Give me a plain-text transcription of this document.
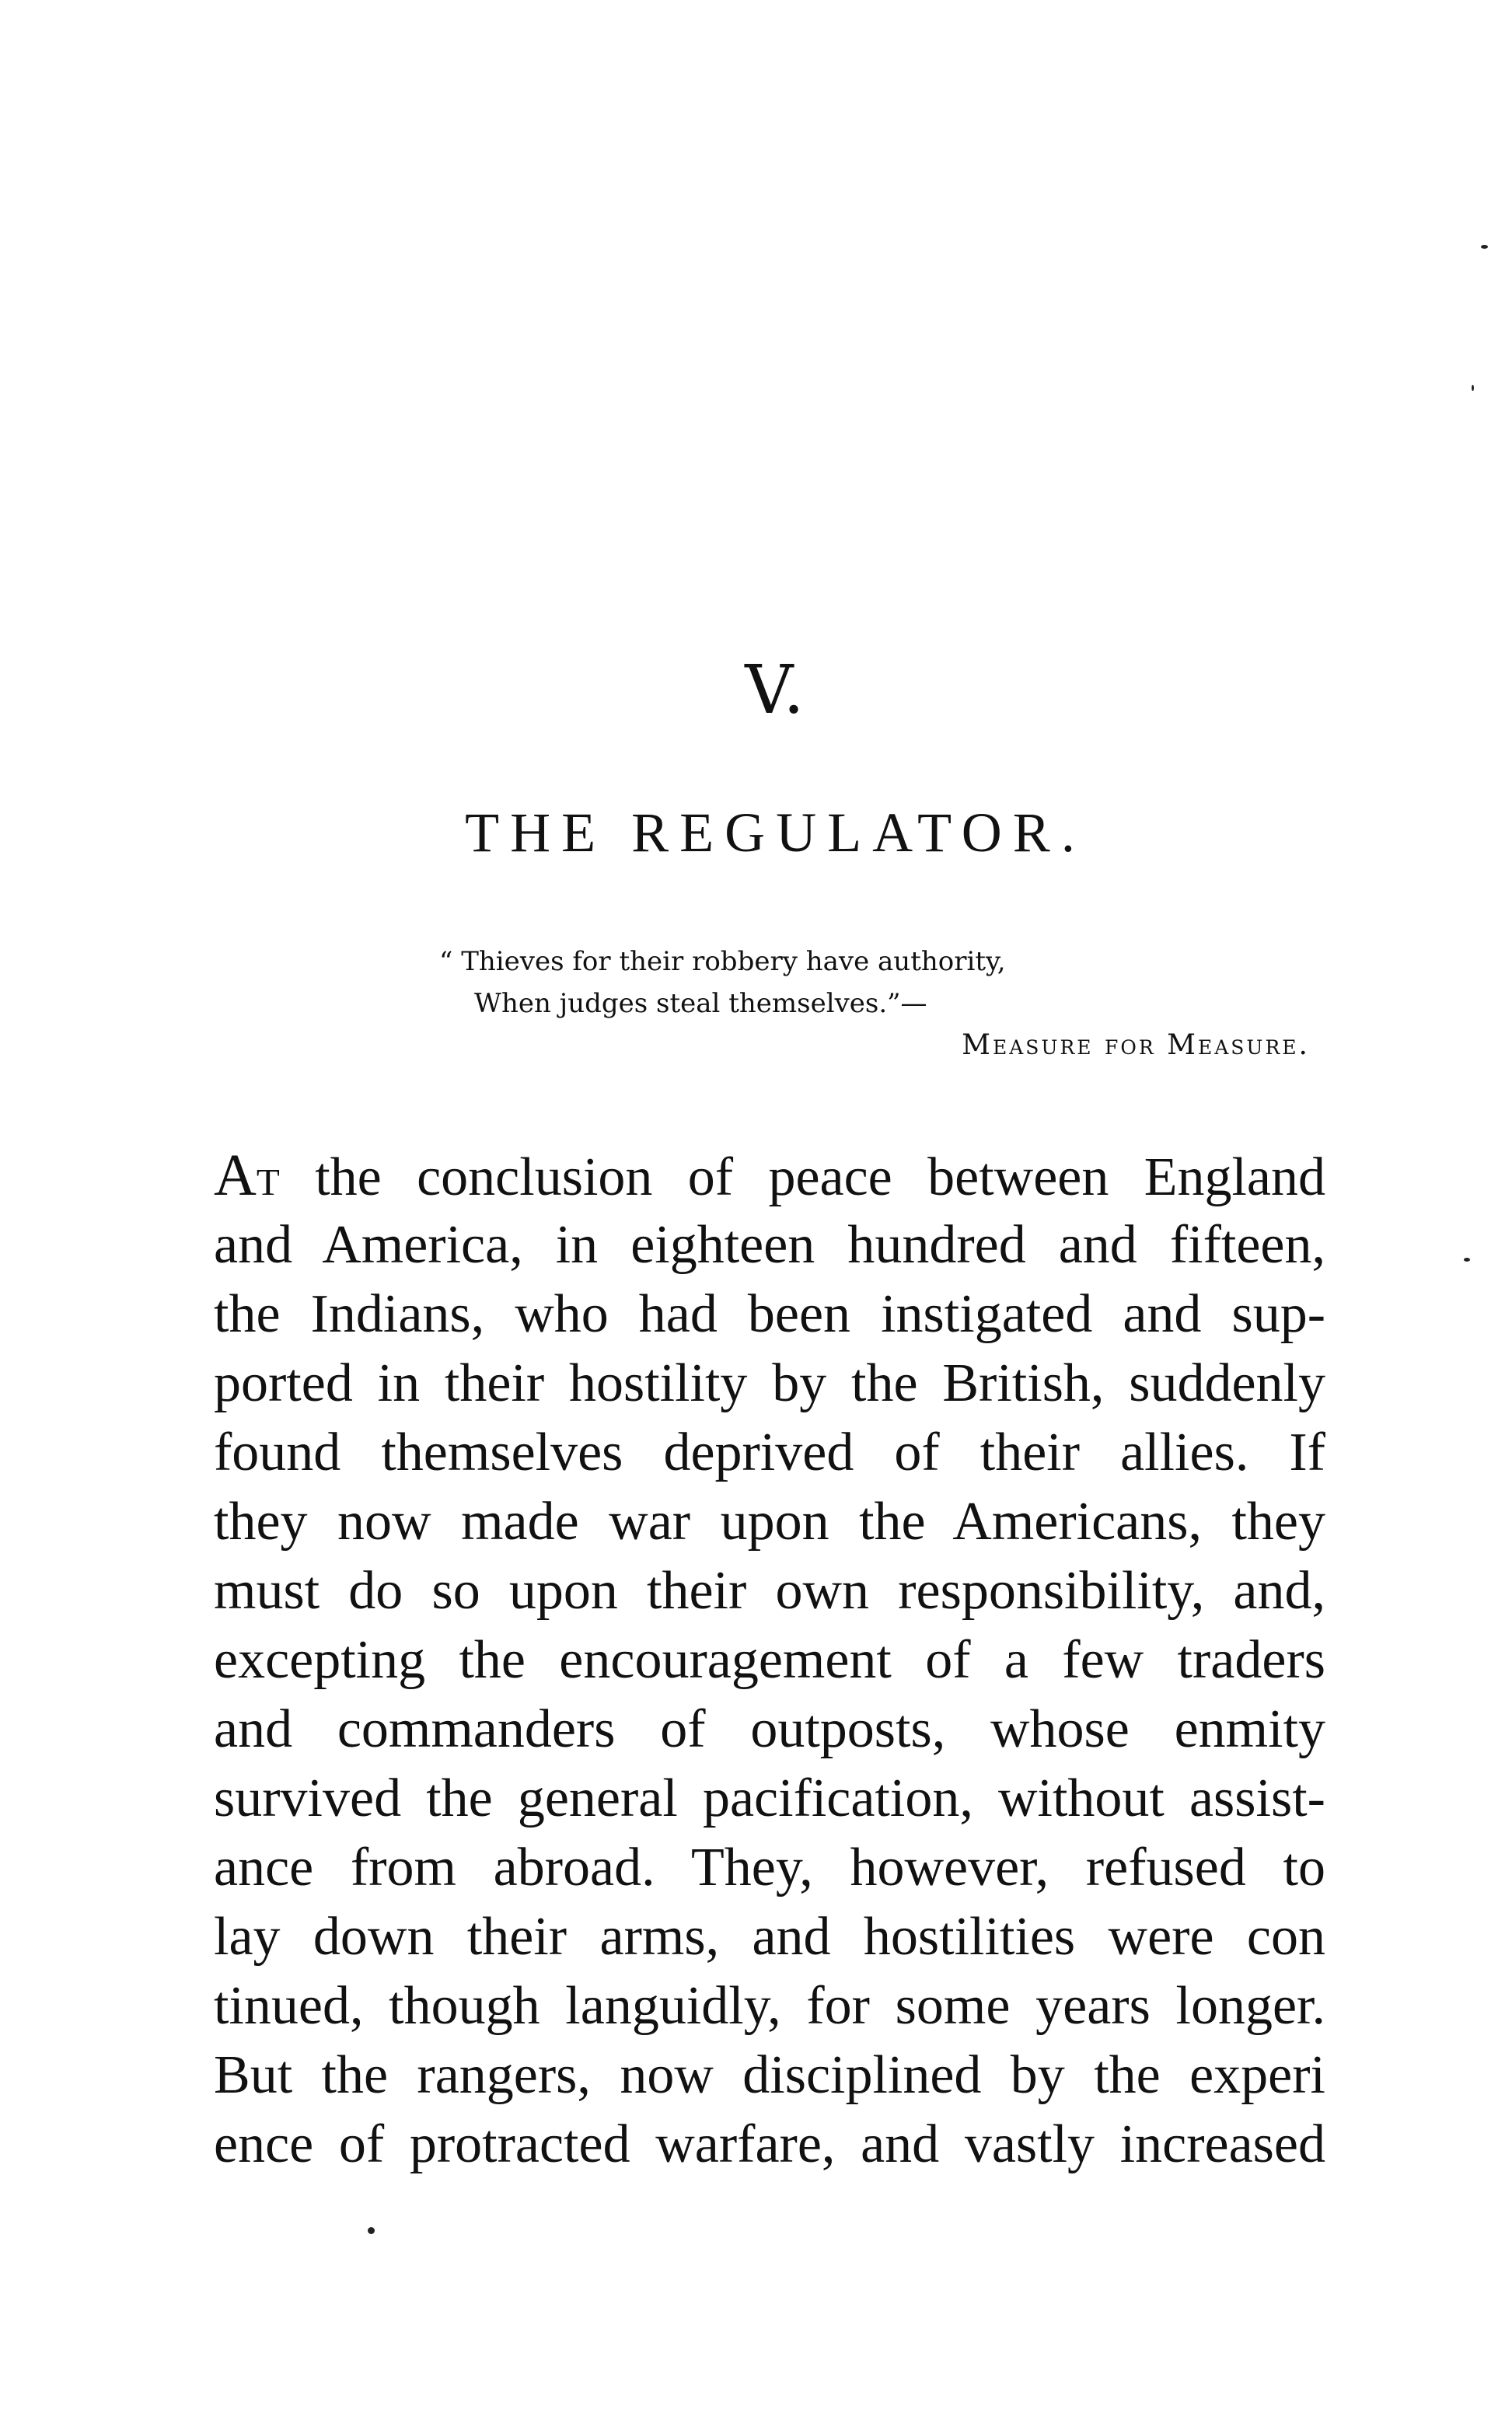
V.
THE REGULATOR.
“ Thieves for their robbery have authority,
When judges steal themselves.”—
Measure for Measure.
At the conclusion of peace between England
and America, in eighteen hundred and fifteen,
the Indians, who had been instigated and sup-
ported in their hostility by the British, suddenly
found themselves deprived of their allies. If
they now made war upon the Americans, they
must do so upon their own responsibility, and,
excepting the encouragement of a few traders
and commanders of outposts, whose enmity
survived the general pacification, without assist-
ance from abroad. They, however, refused to
lay down their arms, and hostilities were con
tinued, though languidly, for some years longer.
But the rangers, now disciplined by the experi
ence of protracted warfare, and vastly increased
